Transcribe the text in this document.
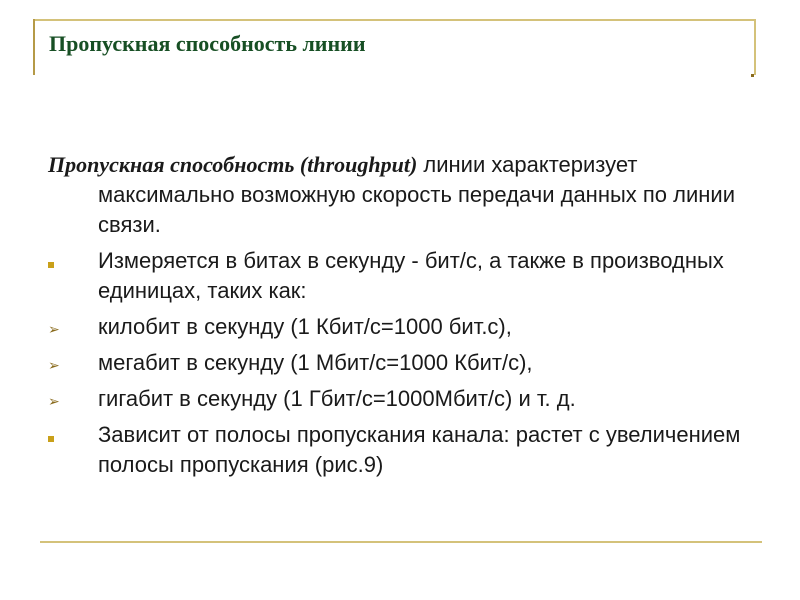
Пропускная способность линии
Пропускная способность (throughput) линии характеризует максимально возможную скорость передачи данных по линии связи.
Измеряется в битах в секунду - бит/с, а также в производных единицах, таких как:
➢	килобит в секунду (1 Кбит/с=1000 бит.с),
➢	мегабит в секунду (1 Мбит/с=1000 Кбит/с),
➢	гигабит в секунду (1 Гбит/с=1000Мбит/с) и т. д.
Зависит от полосы пропускания канала: растет с увеличением полосы пропускания (рис.9)
